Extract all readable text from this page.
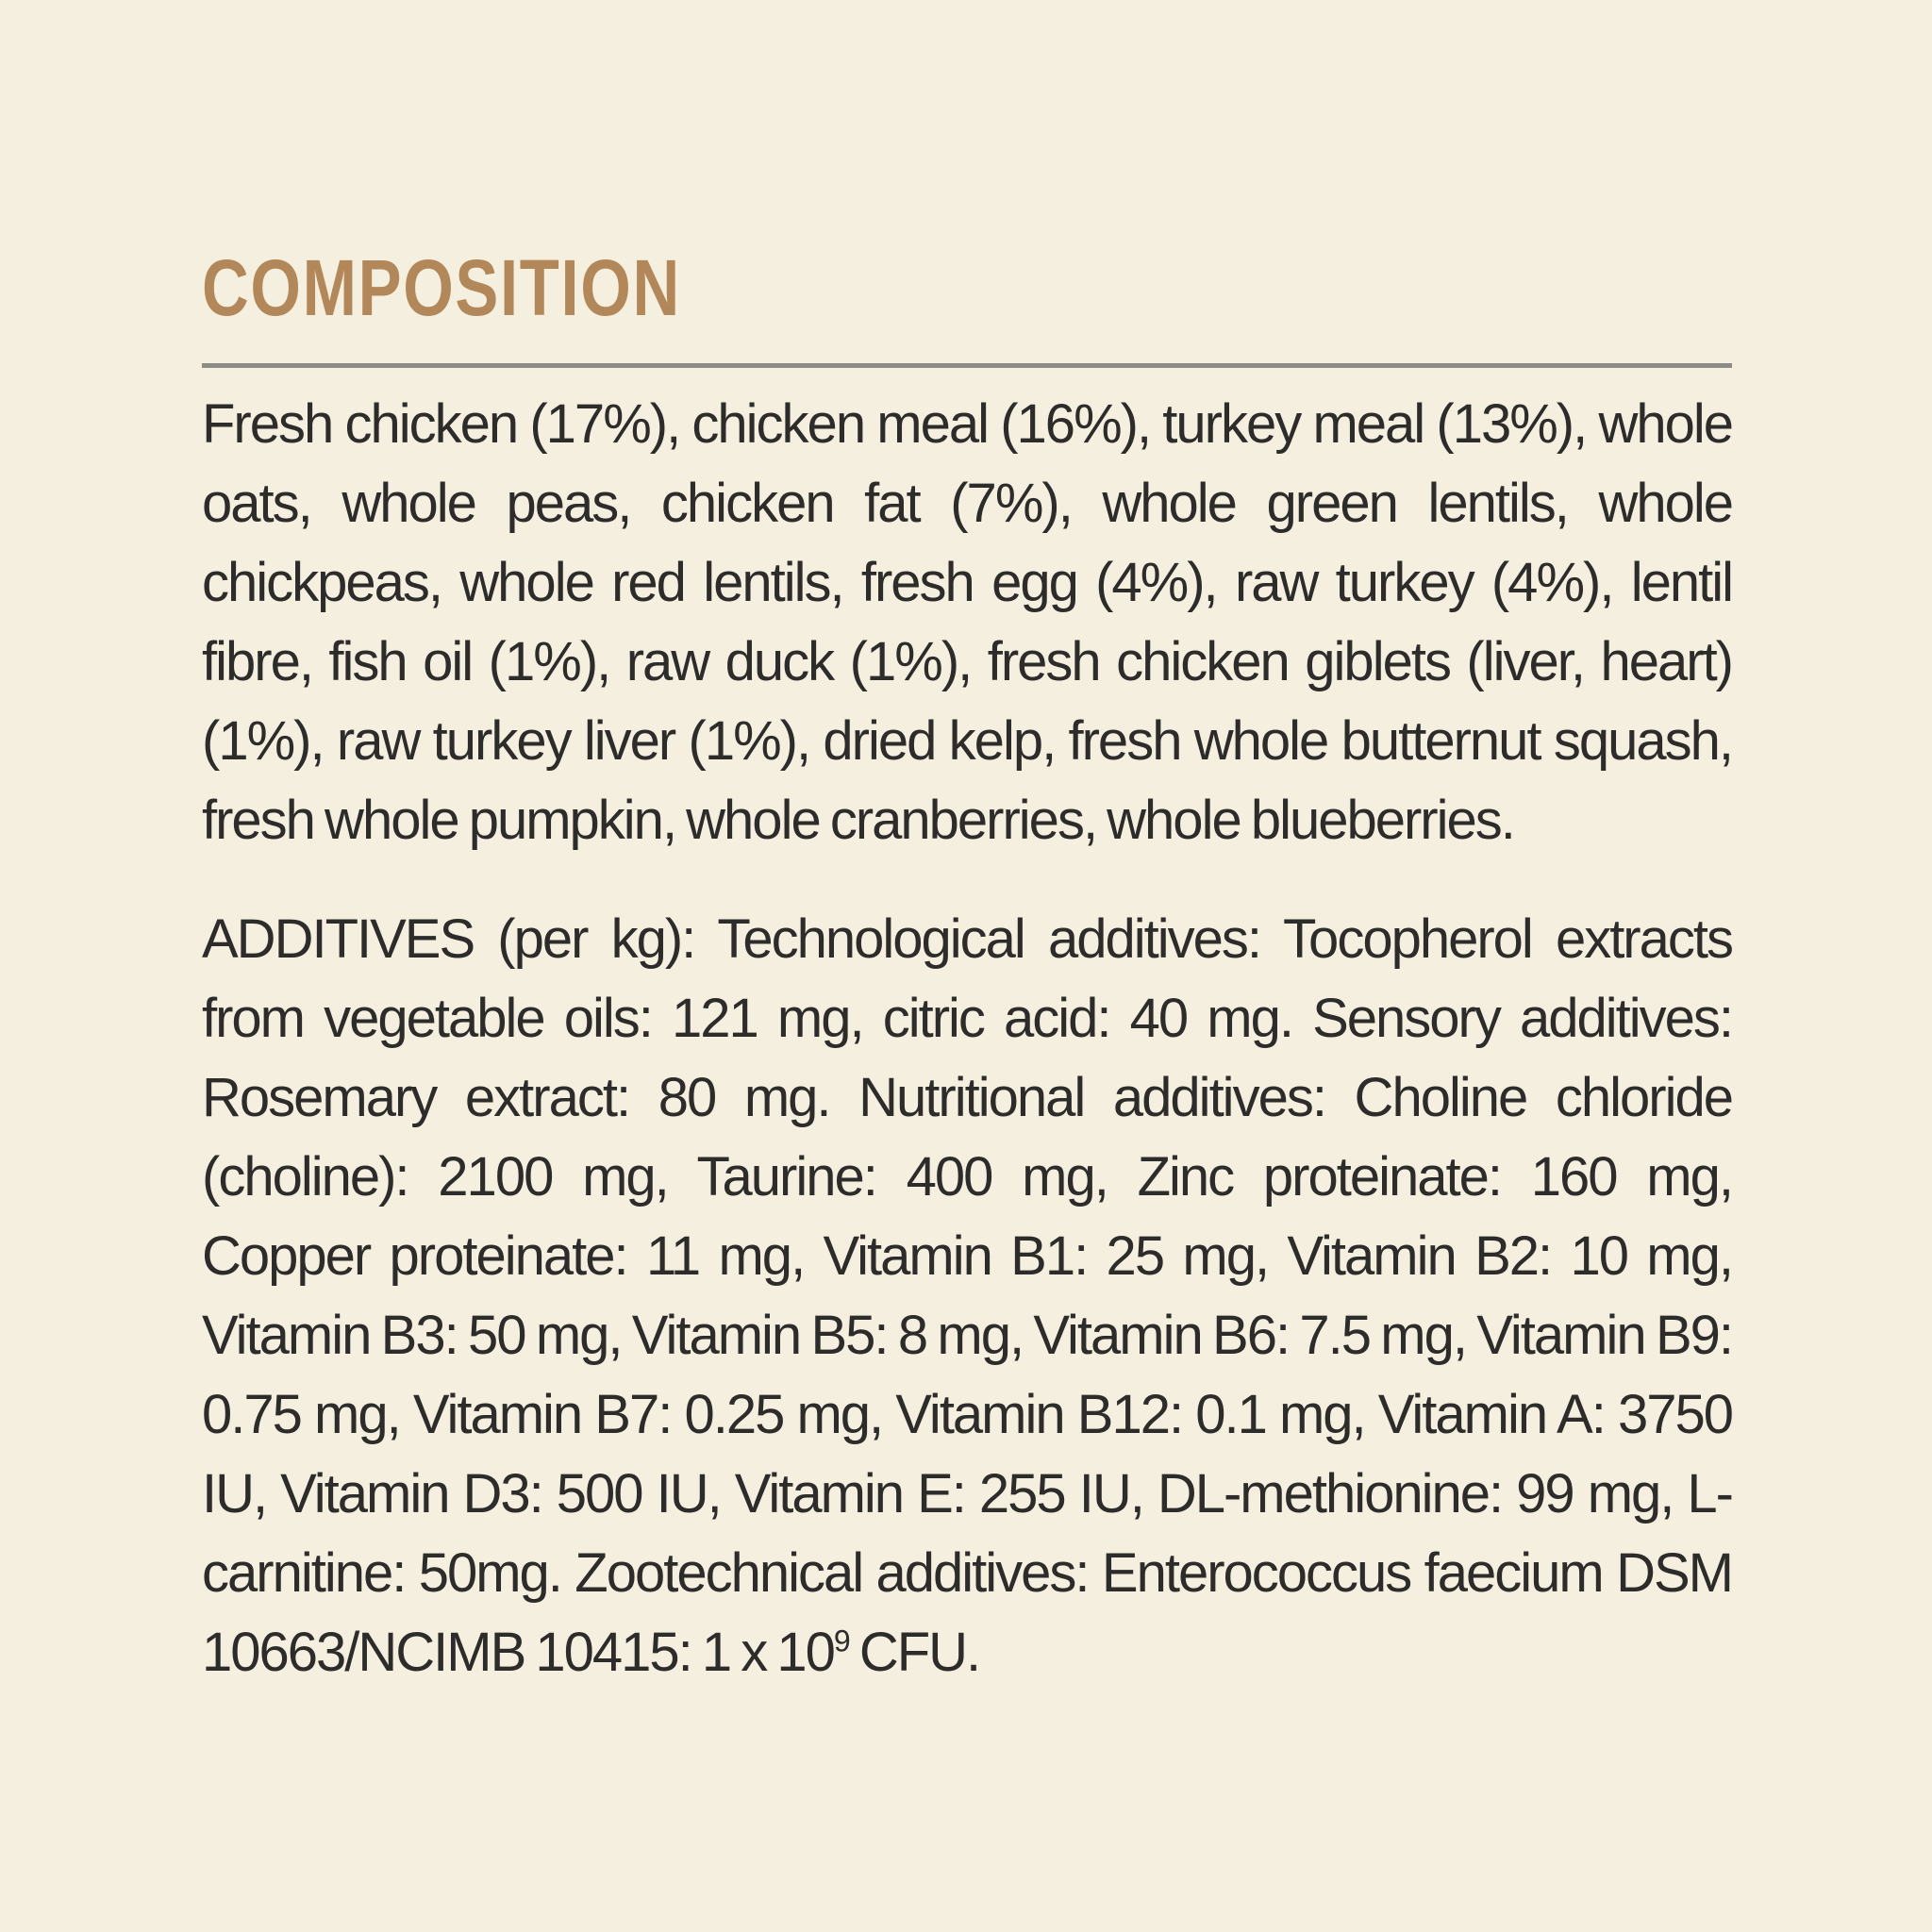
COMPOSITION

Fresh chicken (17%), chicken meal (16%), turkey meal (13%), whole oats, whole peas, chicken fat (7%), whole green lentils, whole chickpeas, whole red lentils, fresh egg (4%), raw turkey (4%), lentil fibre, fish oil (1%), raw duck (1%), fresh chicken giblets (liver, heart) (1%), raw turkey liver (1%), dried kelp, fresh whole butternut squash, fresh whole pumpkin, whole cranberries, whole blueberries.

ADDITIVES (per kg): Technological additives: Tocopherol extracts from vegetable oils: 121 mg, citric acid: 40 mg. Sensory additives: Rosemary extract: 80 mg. Nutritional additives: Choline chloride (choline): 2100 mg, Taurine: 400 mg, Zinc proteinate: 160 mg, Copper proteinate: 11 mg, Vitamin B1: 25 mg, Vitamin B2: 10 mg, Vitamin B3: 50 mg, Vitamin B5: 8 mg, Vitamin B6: 7.5 mg, Vitamin B9: 0.75 mg, Vitamin B7: 0.25 mg, Vitamin B12: 0.1 mg, Vitamin A: 3750 IU, Vitamin D3: 500 IU, Vitamin E: 255 IU, DL-methionine: 99 mg, L-carnitine: 50mg. Zootechnical additives: Enterococcus faecium DSM 10663/NCIMB 10415: 1 x $10^9$ CFU.
